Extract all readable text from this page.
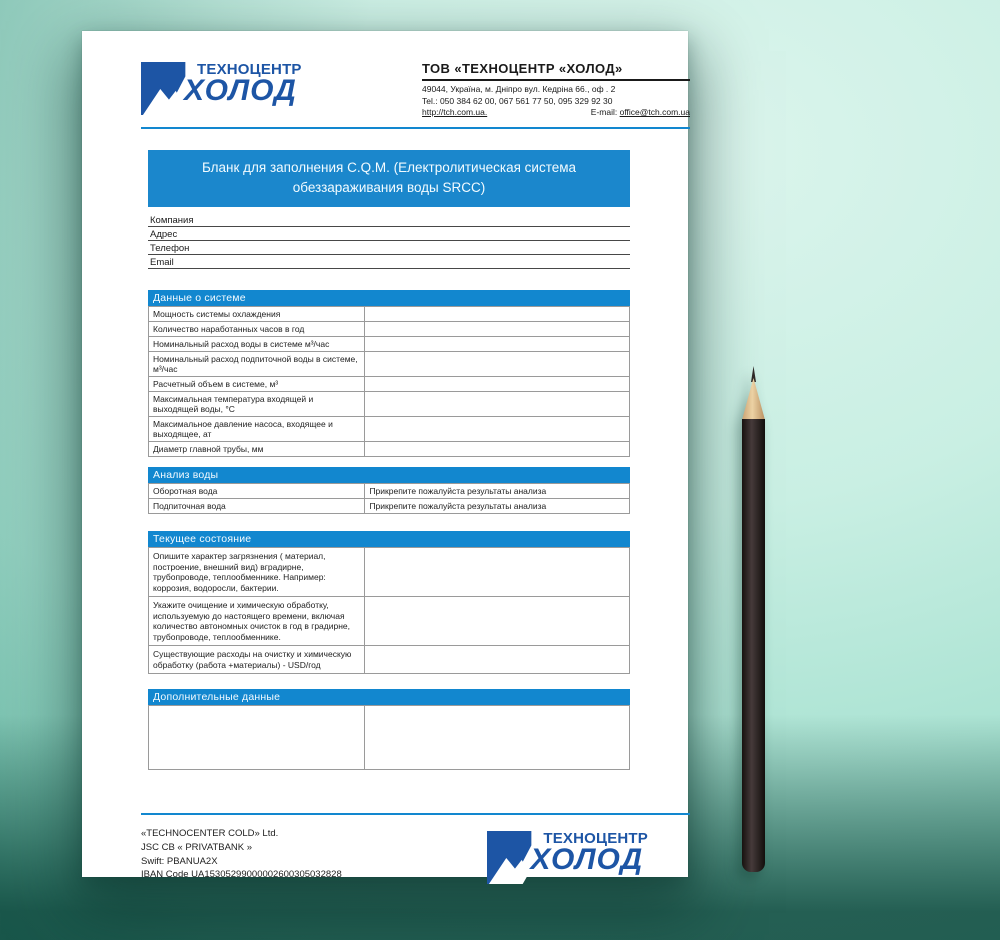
ТЕХНОЦЕНТР
ХОЛОД
ТОВ «ТЕХНОЦЕНТР «ХОЛОД»
49044, Україна, м. Дніпро вул. Кедріна 66., оф . 2
Tel.: 050 384 62 00, 067 561 77 50, 095 329 92 30
http://tch.com.ua.	E-mail: office@tch.com.ua
Бланк для заполнения C.Q.M. (Електролитическая система обеззараживания воды SRCC)
Компания
Адрес
Телефон
Email
Данные о системе
Мощность системы охлаждения	
Количество наработанных часов в год	
Номинальный расход воды в системе м³/час	
Номинальный расход подпиточной воды в системе, м³/час	
Расчетный объем в системе, м³	
Максимальная температура входящей и выходящей воды, °С	
Максимальное давление насоса, входящее и выходящее, ат	
Диаметр главной трубы, мм	
Анализ воды
Оборотная вода	Прикрепите пожалуйста результаты анализа
Подпиточная вода	Прикрепите пожалуйста результаты анализа
Текущее состояние
Опишите характер загрязнения ( материал, построение, внешний вид) вградирне, трубопроводе, теплообменнике. Например: коррозия, водоросли, бактерии.	
Укажите очищение и химическую обработку, используемую до настоящего времени, включая количество автономных очисток в год в градирне, трубопроводе, теплообменнике.	
Существующие расходы на очистку и химическую обработку (работа +материалы) - USD/год	
Дополнительные данные

«TECHNOCENTER COLD» Ltd.
JSC CB « PRIVATBANK »
Swift: PBANUA2X
IBAN Code UA15305299000002600305032828
ТЕХНОЦЕНТР
ХОЛОД
